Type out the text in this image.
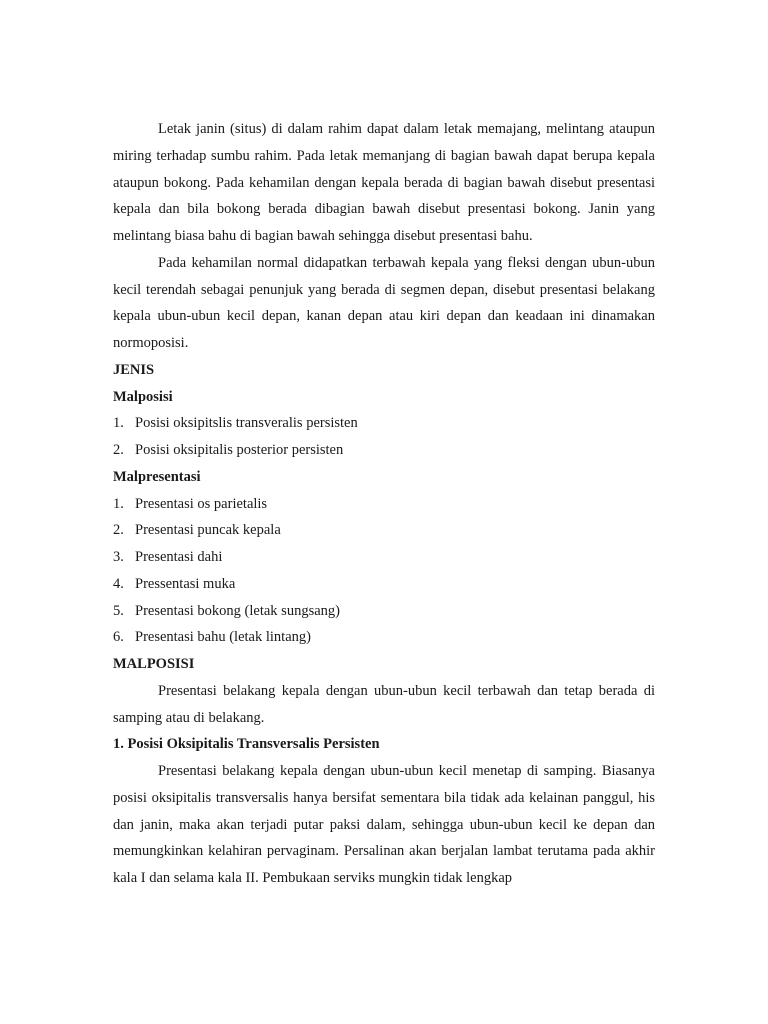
Letak janin (situs) di dalam rahim dapat dalam letak memajang, melintang ataupun miring terhadap sumbu rahim. Pada letak memanjang di bagian bawah dapat berupa kepala ataupun bokong. Pada kehamilan dengan kepala berada di bagian bawah disebut presentasi kepala dan bila bokong berada dibagian bawah disebut presentasi bokong. Janin yang melintang biasa bahu di bagian bawah sehingga disebut presentasi bahu.

Pada kehamilan normal didapatkan terbawah kepala yang fleksi dengan ubun-ubun kecil terendah sebagai penunjuk yang berada di segmen depan, disebut presentasi belakang kepala ubun-ubun kecil depan, kanan depan atau kiri depan dan keadaan ini dinamakan normoposisi.

JENIS

Malposisi

1. Posisi oksipitslis transveralis persisten
2. Posisi oksipitalis posterior persisten

Malpresentasi

1. Presentasi os parietalis
2. Presentasi puncak kepala
3. Presentasi dahi
4. Pressentasi muka
5. Presentasi bokong (letak sungsang)
6. Presentasi bahu (letak lintang)

MALPOSISI

Presentasi belakang kepala dengan ubun-ubun kecil terbawah dan tetap berada di samping atau di belakang.

1. Posisi Oksipitalis Transversalis Persisten

Presentasi belakang kepala dengan ubun-ubun kecil menetap di samping. Biasanya posisi oksipitalis transversalis hanya bersifat sementara bila tidak ada kelainan panggul, his dan janin, maka akan terjadi putar paksi dalam, sehingga ubun-ubun kecil ke depan dan memungkinkan kelahiran pervaginam. Persalinan akan berjalan lambat terutama pada akhir kala I dan selama kala II. Pembukaan serviks mungkin tidak lengkap
